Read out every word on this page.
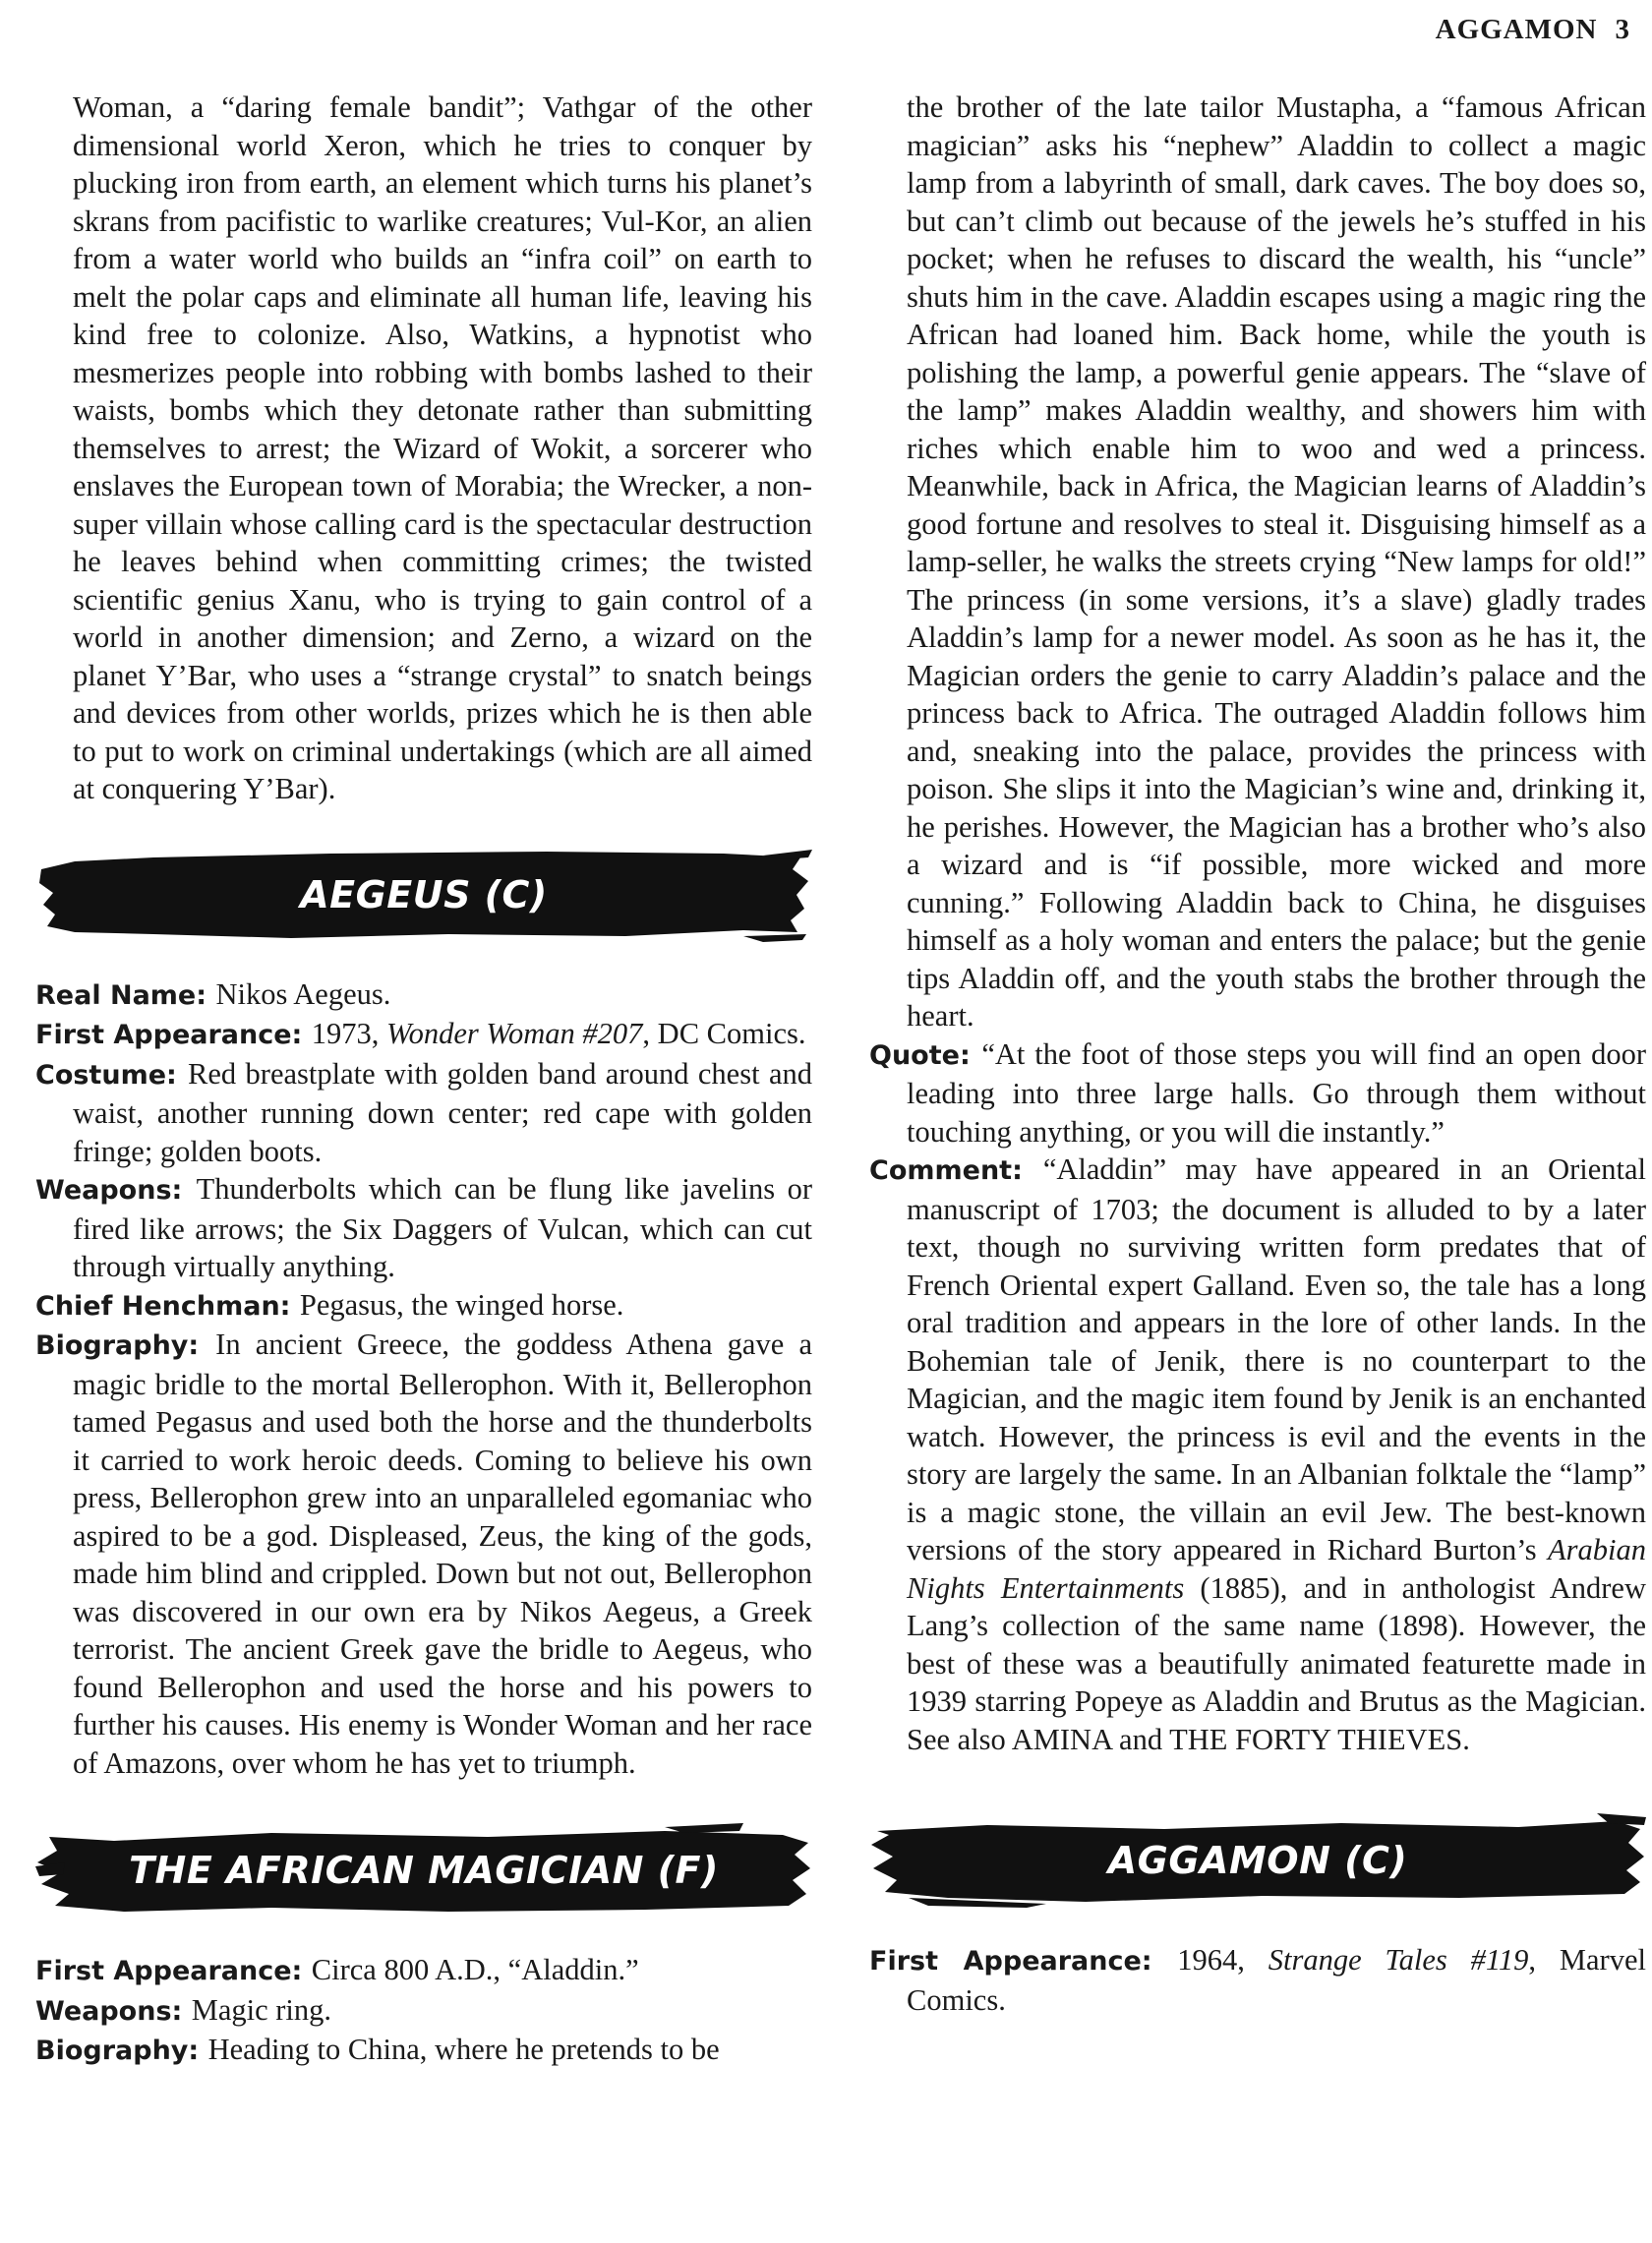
AGGAMON 3

Woman, a “daring female bandit”; Vathgar of the other dimensional world Xeron, which he tries to conquer by plucking iron from earth, an element which turns his planet’s skrans from pacifistic to warlike creatures; Vul-Kor, an alien from a water world who builds an “infra coil” on earth to melt the polar caps and eliminate all human life, leaving his kind free to colonize. Also, Watkins, a hypnotist who mesmerizes people into robbing with bombs lashed to their waists, bombs which they detonate rather than submitting themselves to arrest; the Wizard of Wokit, a sorcerer who enslaves the European town of Morabia; the Wrecker, a non-super villain whose calling card is the spectacular destruction he leaves behind when committing crimes; the twisted scientific genius Xanu, who is trying to gain control of a world in another dimension; and Zerno, a wizard on the planet Y’Bar, who uses a “strange crystal” to snatch beings and devices from other worlds, prizes which he is then able to put to work on criminal undertakings (which are all aimed at conquering Y’Bar).

AEGEUS (C)

Real Name: Nikos Aegeus.

First Appearance: 1973, Wonder Woman #207, DC Comics.

Costume: Red breastplate with golden band around chest and waist, another running down center; red cape with golden fringe; golden boots.

Weapons: Thunderbolts which can be flung like javelins or fired like arrows; the Six Daggers of Vulcan, which can cut through virtually anything.

Chief Henchman: Pegasus, the winged horse.

Biography: In ancient Greece, the goddess Athena gave a magic bridle to the mortal Bellerophon. With it, Bellerophon tamed Pegasus and used both the horse and the thunderbolts it carried to work heroic deeds. Coming to believe his own press, Bellerophon grew into an unparalleled egomaniac who aspired to be a god. Displeased, Zeus, the king of the gods, made him blind and crippled. Down but not out, Bellerophon was discovered in our own era by Nikos Aegeus, a Greek terrorist. The ancient Greek gave the bridle to Aegeus, who found Bellerophon and used the horse and his powers to further his causes. His enemy is Wonder Woman and her race of Amazons, over whom he has yet to triumph.

THE AFRICAN MAGICIAN (F)

First Appearance: Circa 800 A.D., “Aladdin.”

Weapons: Magic ring.

Biography: Heading to China, where he pretends to be

the brother of the late tailor Mustapha, a “famous African magician” asks his “nephew” Aladdin to collect a magic lamp from a labyrinth of small, dark caves. The boy does so, but can’t climb out because of the jewels he’s stuffed in his pocket; when he refuses to discard the wealth, his “uncle” shuts him in the cave. Aladdin escapes using a magic ring the African had loaned him. Back home, while the youth is polishing the lamp, a powerful genie appears. The “slave of the lamp” makes Aladdin wealthy, and showers him with riches which enable him to woo and wed a princess. Meanwhile, back in Africa, the Magician learns of Aladdin’s good fortune and resolves to steal it. Disguising himself as a lamp-seller, he walks the streets crying “New lamps for old!” The princess (in some versions, it’s a slave) gladly trades Aladdin’s lamp for a newer model. As soon as he has it, the Magician orders the genie to carry Aladdin’s palace and the princess back to Africa. The outraged Aladdin follows him and, sneaking into the palace, provides the princess with poison. She slips it into the Magician’s wine and, drinking it, he perishes. However, the Magician has a brother who’s also a wizard and is “if possible, more wicked and more cunning.” Following Aladdin back to China, he disguises himself as a holy woman and enters the palace; but the genie tips Aladdin off, and the youth stabs the brother through the heart.

Quote: “At the foot of those steps you will find an open door leading into three large halls. Go through them without touching anything, or you will die instantly.”

Comment: “Aladdin” may have appeared in an Oriental manuscript of 1703; the document is alluded to by a later text, though no surviving written form predates that of French Oriental expert Galland. Even so, the tale has a long oral tradition and appears in the lore of other lands. In the Bohemian tale of Jenik, there is no counterpart to the Magician, and the magic item found by Jenik is an enchanted watch. However, the princess is evil and the events in the story are largely the same. In an Albanian folktale the “lamp” is a magic stone, the villain an evil Jew. The best-known versions of the story appeared in Richard Burton’s Arabian Nights Entertainments (1885), and in anthologist Andrew Lang’s collection of the same name (1898). However, the best of these was a beautifully animated featurette made in 1939 starring Popeye as Aladdin and Brutus as the Magician. See also AMINA and THE FORTY THIEVES.

AGGAMON (C)

First Appearance: 1964, Strange Tales #119, Marvel Comics.
